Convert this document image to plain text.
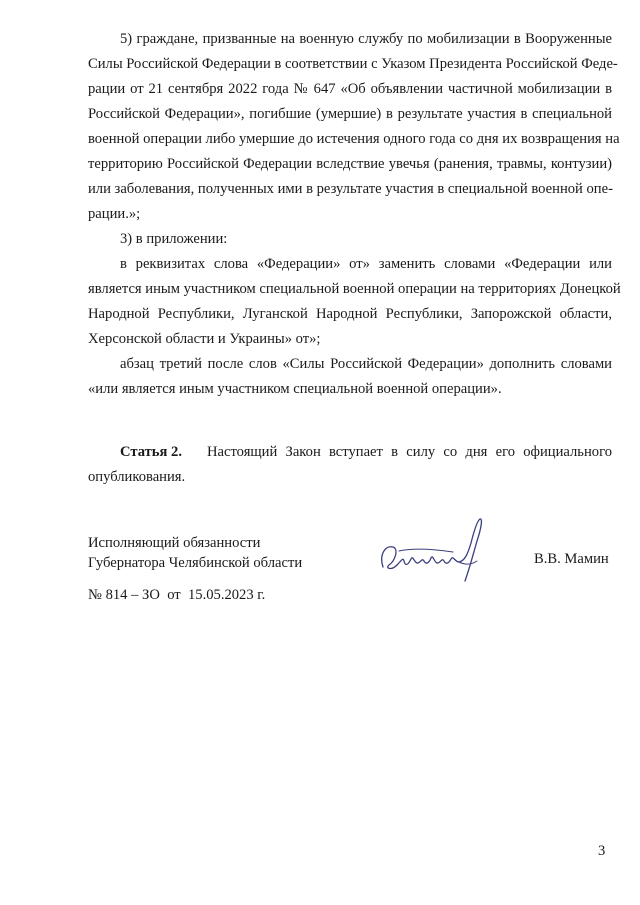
5) граждане, призванные на военную службу по мобилизации в Вооруженные
Силы Российской Федерации в соответствии с Указом Президента Российской Феде-
рации от 21 сентября 2022 года № 647 «Об объявлении частичной мобилизации в
Российской Федерации», погибшие (умершие) в результате участия в специальной
военной операции либо умершие до истечения одного года со дня их возвращения на
территорию Российской Федерации вследствие увечья (ранения, травмы, контузии)
или заболевания, полученных ими в результате участия в специальной военной опе-
рации.»;
3) в приложении:
в реквизитах слова «Федерации» от» заменить словами «Федерации или
является иным участником специальной военной операции на территориях Донецкой
Народной Республики, Луганской Народной Республики, Запорожской области,
Херсонской области и Украины» от»;
абзац третий после слов «Силы Российской Федерации» дополнить словами
«или является иным участником специальной военной операции».
Статья 2.	Настоящий Закон вступает в силу со дня его официального
опубликования.
Исполняющий обязанности
Губернатора Челябинской области	В.В. Мамин
№ 814 – ЗО  от  15.05.2023 г.
3
